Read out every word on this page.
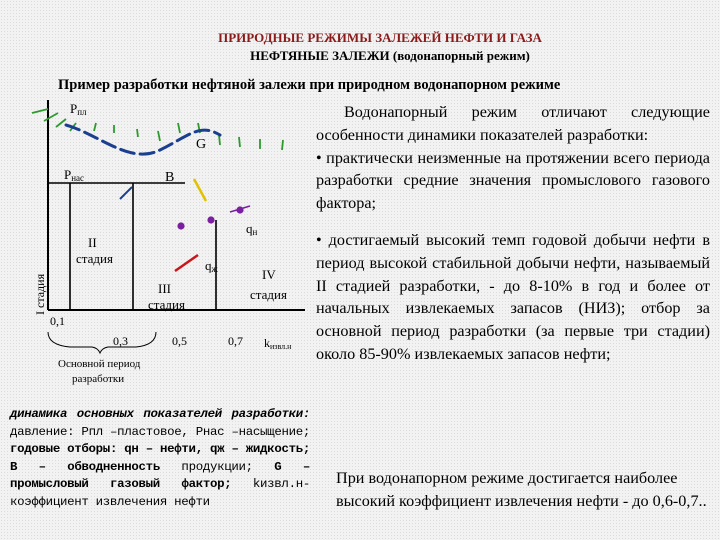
ПРИРОДНЫЕ РЕЖИМЫ ЗАЛЕЖЕЙ НЕФТИ И ГАЗА
НЕФТЯНЫЕ ЗАЛЕЖИ (водонапорный режим)
Пример разработки нефтяной залежи при природном водонапорном режиме
Рпл
G
Рнас	В
qн
qж
I стадия
II
стадия
III
стадия
IV
стадия
0,1
0,3	0,5	0,7 kизвл.н
Основной период
разработки
динамика основных показателей разработки: давление: Рпл –пластовое, Рнас –насыщение; годовые отборы: qн – нефти, qж – жидкость; В – обводненность продукции; G – промысловый газовый фактор; kизвл.н-коэффициент извлечения нефти

Водонапорный режим отличают следующие особенности динамики показателей разработки:

• практически неизменные на протяжении всего периода разработки средние значения промыслового газового фактора;

• достигаемый высокий темп годовой добычи нефти в период высокой стабильной добычи нефти, называемый II стадией разработки, - до 8-10% в год и более от начальных извлекаемых запасов (НИЗ); отбор за основной период разработки (за первые три стадии) около 85-90% извлекаемых запасов нефти;

При водонапорном режиме достигается наиболее высокий коэффициент извлечения нефти - до 0,6-0,7..
